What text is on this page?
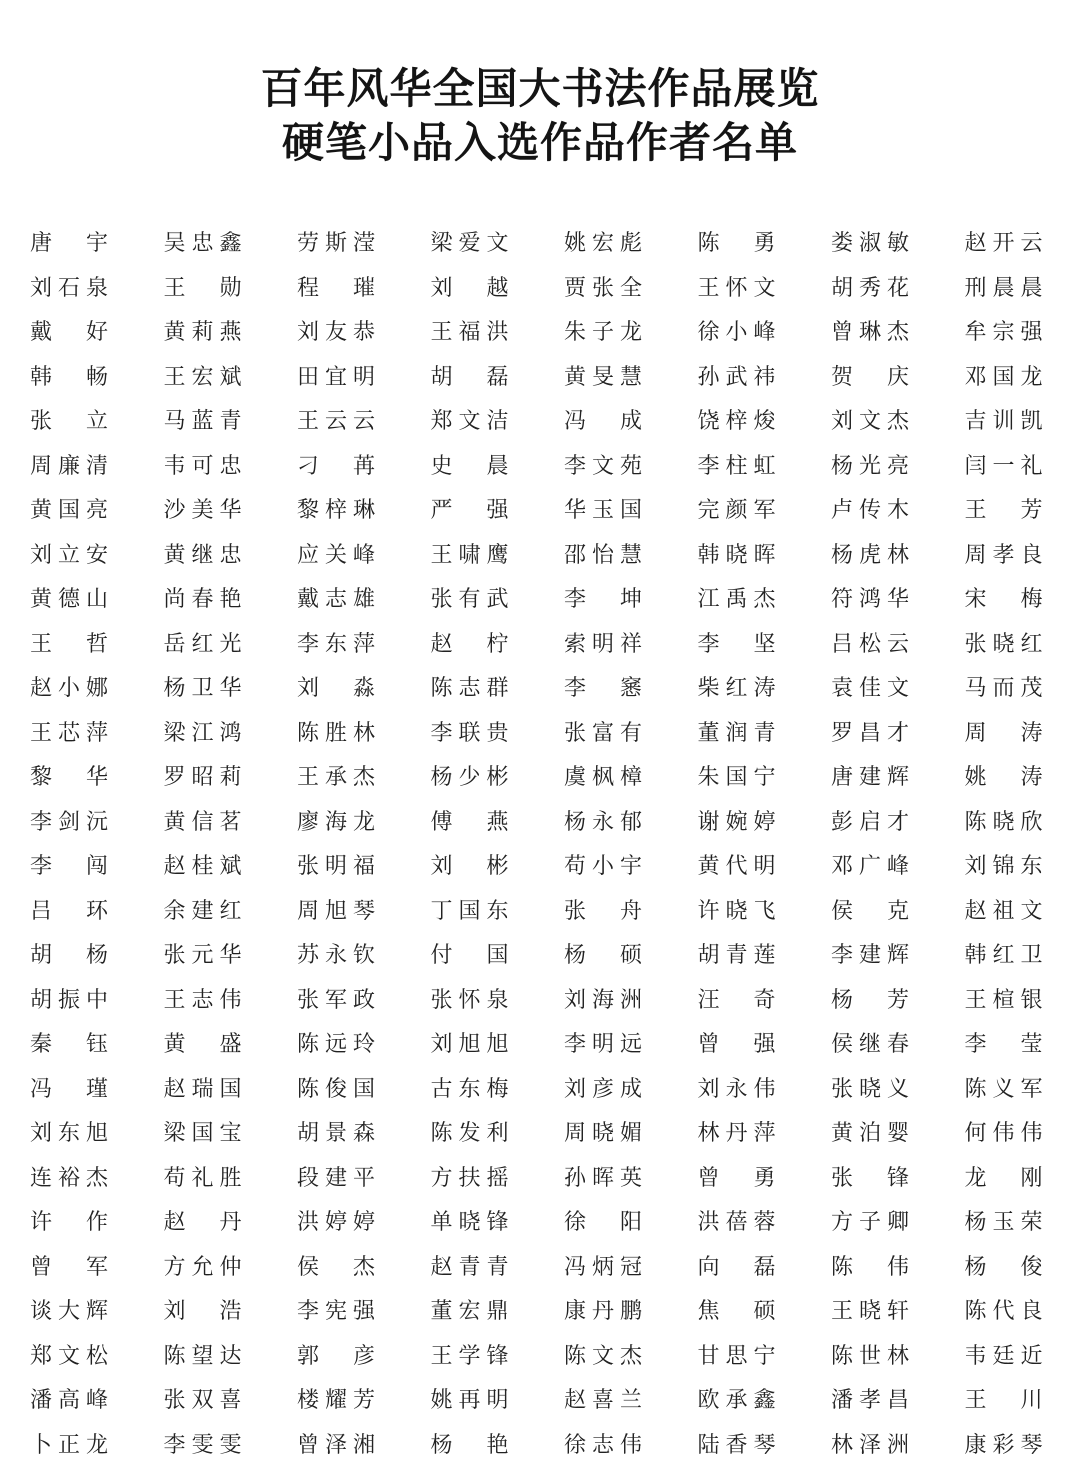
百年风华全国大书法作品展览
硬笔小品入选作品作者名单
唐 宇	吴忠鑫	劳斯滢	梁爱文	姚宏彪	陈 勇	娄淑敏	赵开云
刘石泉	王 勋	程 璀	刘 越	贾张全	王怀文	胡秀花	刑晨晨
戴 好	黄莉燕	刘友恭	王福洪	朱子龙	徐小峰	曾琳杰	牟宗强
韩 畅	王宏斌	田宜明	胡 磊	黄旻慧	孙武祎	贺 庆	邓国龙
张 立	马蓝青	王云云	郑文洁	冯 成	饶梓焌	刘文杰	吉训凯
周廉清	韦可忠	刁 苒	史 晨	李文苑	李柱虹	杨光亮	闫一礼
黄国亮	沙美华	黎梓琳	严 强	华玉国	完颜军	卢传木	王 芳
刘立安	黄继忠	应关峰	王啸鹰	邵怡慧	韩晓晖	杨虎林	周孝良
黄德山	尚春艳	戴志雄	张有武	李 坤	江禹杰	符鸿华	宋 梅
王 哲	岳红光	李东萍	赵 柠	索明祥	李 坚	吕松云	张晓红
赵小娜	杨卫华	刘 淼	陈志群	李 窸	柴红涛	袁佳文	马而茂
王芯萍	梁江鸿	陈胜林	李联贵	张富有	董润青	罗昌才	周 涛
黎 华	罗昭莉	王承杰	杨少彬	虞枫樟	朱国宁	唐建辉	姚 涛
李剑沅	黄信茗	廖海龙	傅 燕	杨永郁	谢婉婷	彭启才	陈晓欣
李 闯	赵桂斌	张明福	刘 彬	苟小宇	黄代明	邓广峰	刘锦东
吕 环	余建红	周旭琴	丁国东	张 舟	许晓飞	侯 克	赵祖文
胡 杨	张元华	苏永钦	付 国	杨 硕	胡青莲	李建辉	韩红卫
胡振中	王志伟	张军政	张怀泉	刘海洲	汪 奇	杨 芳	王楦银
秦 钰	黄 盛	陈远玲	刘旭旭	李明远	曾 强	侯继春	李 莹
冯 瑾	赵瑞国	陈俊国	古东梅	刘彦成	刘永伟	张晓义	陈义军
刘东旭	梁国宝	胡景森	陈发利	周晓媚	林丹萍	黄泊婴	何伟伟
连裕杰	苟礼胜	段建平	方扶摇	孙晖英	曾 勇	张 锋	龙 刚
许 作	赵 丹	洪婷婷	单晓锋	徐 阳	洪蓓蓉	方子卿	杨玉荣
曾 军	方允仲	侯 杰	赵青青	冯炳冠	向 磊	陈 伟	杨 俊
谈大辉	刘 浩	李宪强	董宏鼎	康丹鹏	焦 硕	王晓轩	陈代良
郑文松	陈望达	郭 彦	王学锋	陈文杰	甘思宁	陈世林	韦廷近
潘高峰	张双喜	楼耀芳	姚再明	赵喜兰	欧承鑫	潘孝昌	王 川
卜正龙	李雯雯	曾泽湘	杨 艳	徐志伟	陆香琴	林泽洲	康彩琴
